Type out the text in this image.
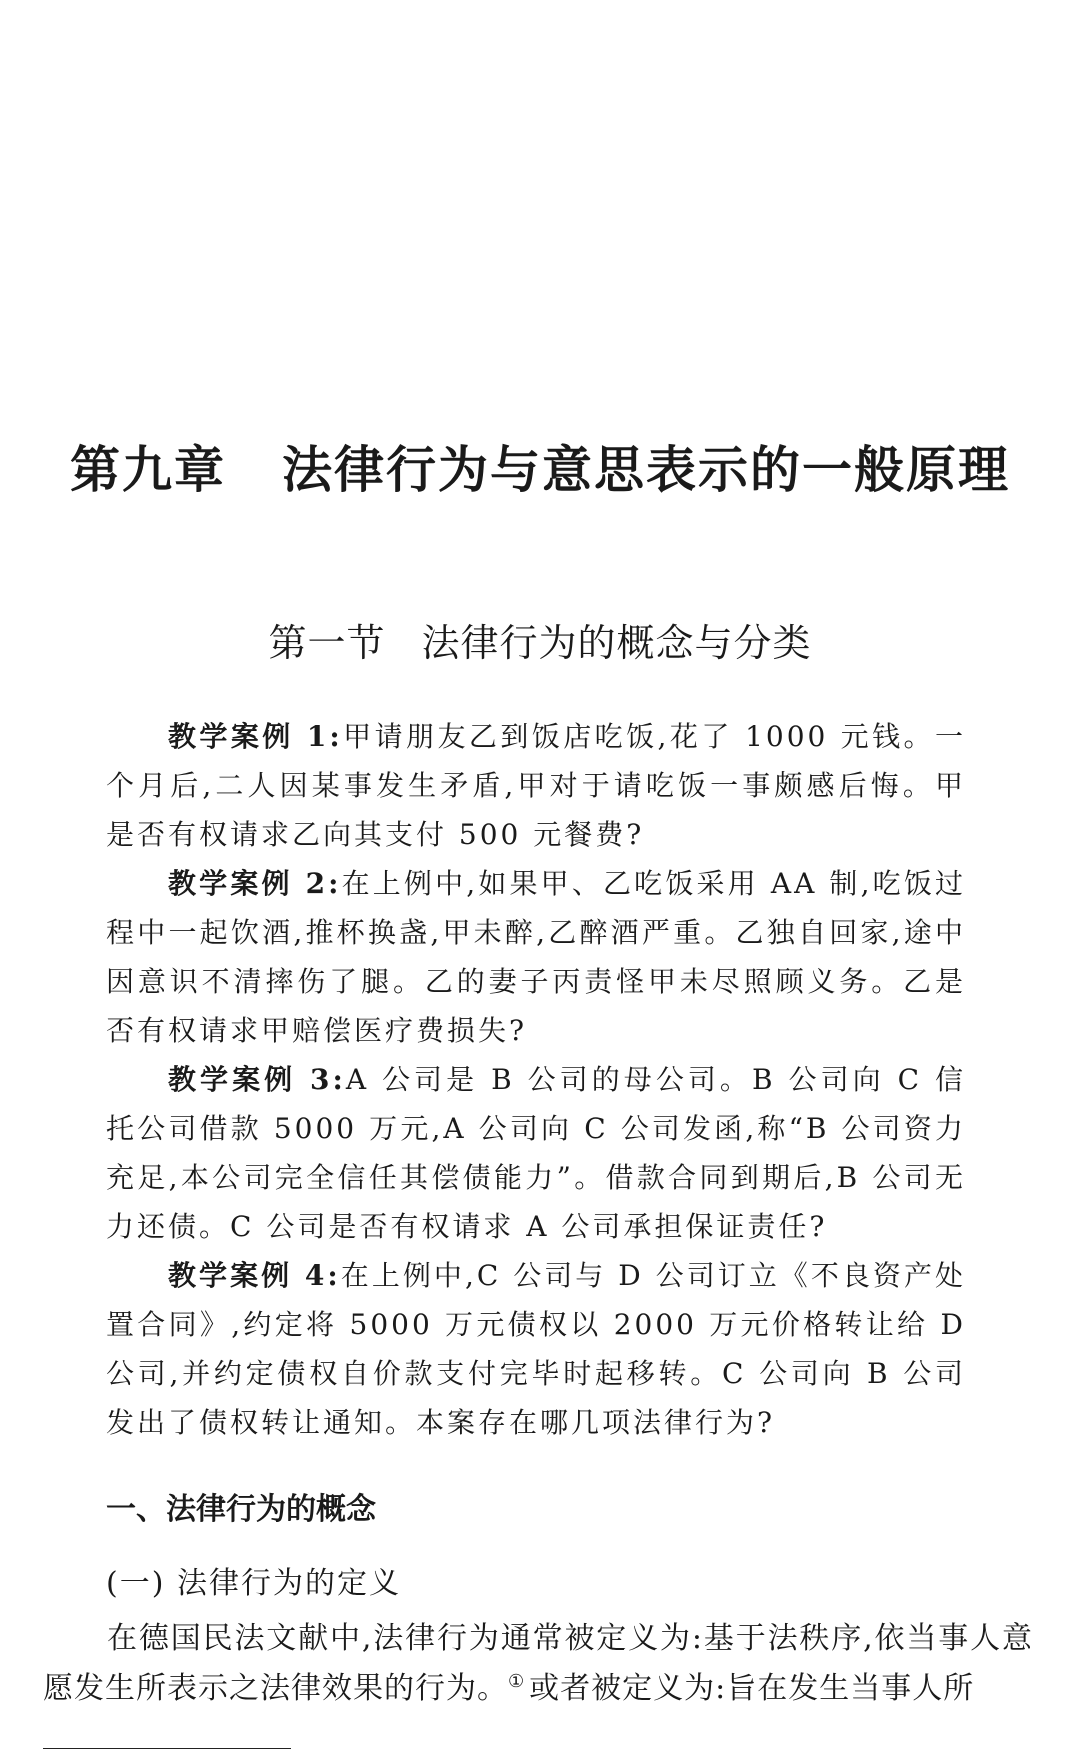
第九章 法律行为与意思表示的一般原理
第一节 法律行为的概念与分类

教学案例 1:甲请朋友乙到饭店吃饭,花了 1000 元钱。一个月后,二人因某事发生矛盾,甲对于请吃饭一事颇感后悔。甲是否有权请求乙向其支付 500 元餐费?

教学案例 2:在上例中,如果甲、乙吃饭采用 AA 制,吃饭过程中一起饮酒,推杯换盏,甲未醉,乙醉酒严重。乙独自回家,途中因意识不清摔伤了腿。乙的妻子丙责怪甲未尽照顾义务。乙是否有权请求甲赔偿医疗费损失?

教学案例 3:A 公司是 B 公司的母公司。B 公司向 C 信托公司借款 5000 万元,A 公司向 C 公司发函,称“B 公司资力充足,本公司完全信任其偿债能力”。借款合同到期后,B 公司无力还债。C 公司是否有权请求 A 公司承担保证责任?

教学案例 4:在上例中,C 公司与 D 公司订立《不良资产处置合同》,约定将 5000 万元债权以 2000 万元价格转让给 D 公司,并约定债权自价款支付完毕时起移转。C 公司向 B 公司发出了债权转让通知。本案存在哪几项法律行为?

一、法律行为的概念
(一) 法律行为的定义

在德国民法文献中,法律行为通常被定义为:基于法秩序,依当事人意愿发生所表示之法律效果的行为。① 或者被定义为:旨在发生当事人所
